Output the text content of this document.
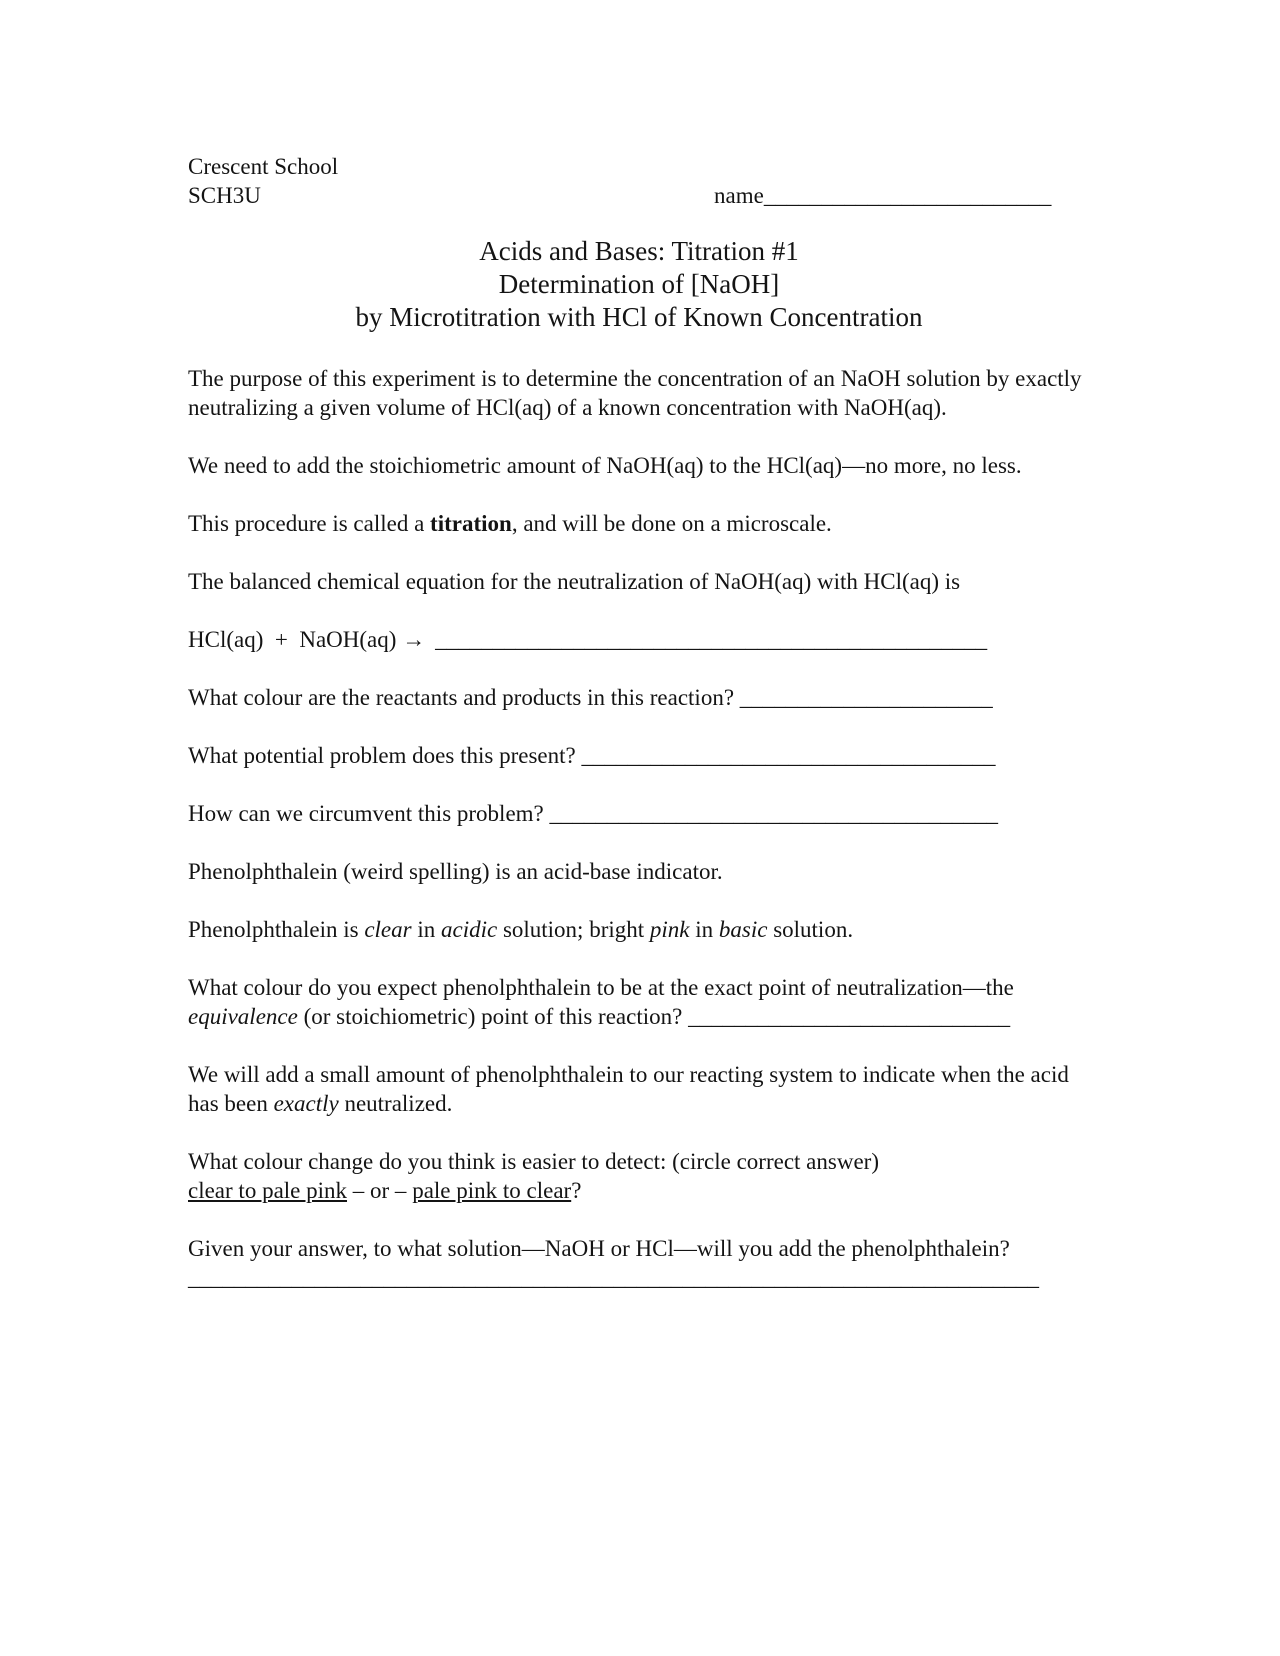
Crescent School
SCH3U	name_________________________
Acids and Bases: Titration #1
Determination of [NaOH]
by Microtitration with HCl of Known Concentration

The purpose of this experiment is to determine the concentration of an NaOH solution by exactly neutralizing a given volume of HCl(aq) of a known concentration with NaOH(aq).

We need to add the stoichiometric amount of NaOH(aq) to the HCl(aq)—no more, no less.

This procedure is called a titration, and will be done on a microscale.

The balanced chemical equation for the neutralization of NaOH(aq) with HCl(aq) is

HCl(aq)  +  NaOH(aq) → ________________________________________________

What colour are the reactants and products in this reaction? ______________________

What potential problem does this present? ____________________________________

How can we circumvent this problem? _______________________________________

Phenolphthalein (weird spelling) is an acid-base indicator.

Phenolphthalein is clear in acidic solution; bright pink in basic solution.

What colour do you expect phenolphthalein to be at the exact point of neutralization—the
equivalence (or stoichiometric) point of this reaction? ____________________________

We will add a small amount of phenolphthalein to our reacting system to indicate when the acid has been exactly neutralized.

What colour change do you think is easier to detect: (circle correct answer)
clear to pale pink – or – pale pink to clear?
Given your answer, to what solution—NaOH or HCl—will you add the phenolphthalein?
__________________________________________________________________________
